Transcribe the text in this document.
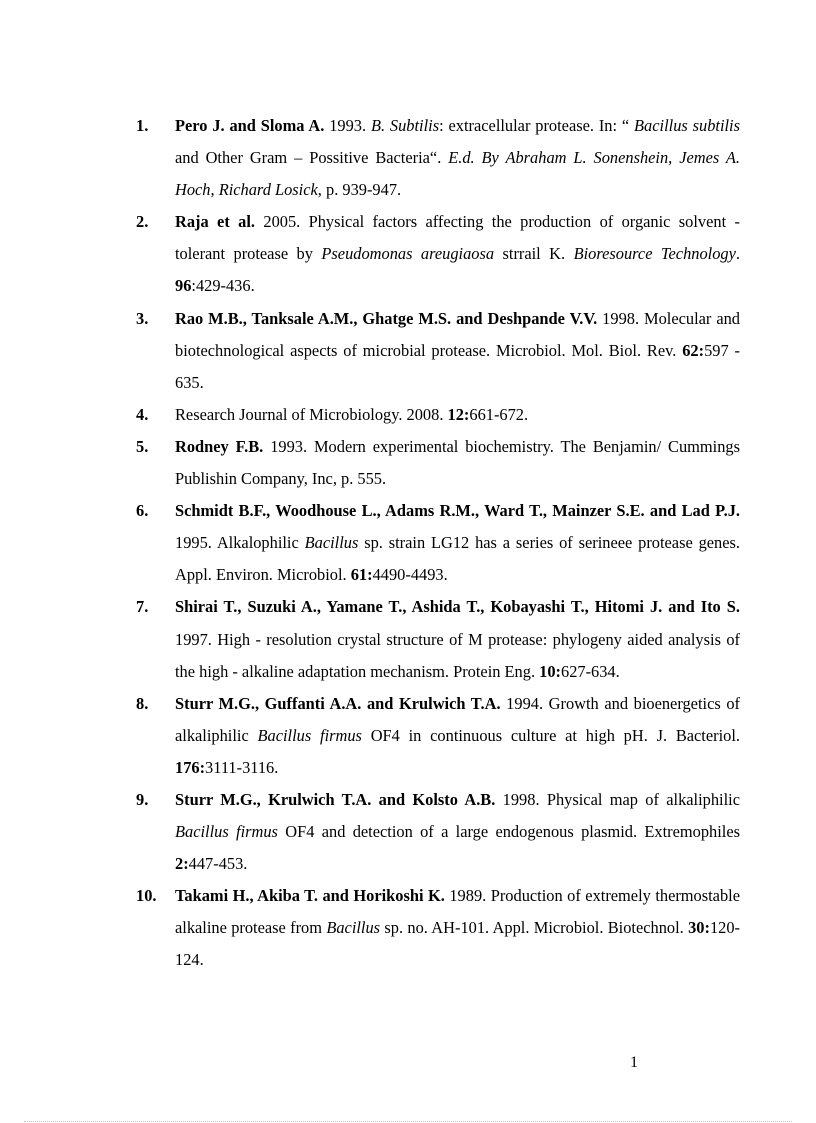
1. Pero J. and Sloma A. 1993. B. Subtilis: extracellular protease. In: “ Bacillus subtilis and Other Gram – Possitive Bacteria“. E.d. By Abraham L. Sonenshein, Jemes A. Hoch, Richard Losick, p. 939-947.
2. Raja et al. 2005. Physical factors affecting the production of organic solvent - tolerant protease by Pseudomonas areugiaosa strrail K. Bioresource Technology. 96:429-436.
3. Rao M.B., Tanksale A.M., Ghatge M.S. and Deshpande V.V. 1998. Molecular and biotechnological aspects of microbial protease. Microbiol. Mol. Biol. Rev. 62:597 - 635.
4. Research Journal of Microbiology. 2008. 12:661-672.
5. Rodney F.B. 1993. Modern experimental biochemistry. The Benjamin/ Cummings Publishin Company, Inc, p. 555.
6. Schmidt B.F., Woodhouse L., Adams R.M., Ward T., Mainzer S.E. and Lad P.J. 1995. Alkalophilic Bacillus sp. strain LG12 has a series of serineee protease genes. Appl. Environ. Microbiol. 61:4490-4493.
7. Shirai T., Suzuki A., Yamane T., Ashida T., Kobayashi T., Hitomi J. and Ito S. 1997. High - resolution crystal structure of M protease: phylogeny aided analysis of the high - alkaline adaptation mechanism. Protein Eng. 10:627-634.
8. Sturr M.G., Guffanti A.A. and Krulwich T.A. 1994. Growth and bioenergetics of alkaliphilic Bacillus firmus OF4 in continuous culture at high pH. J. Bacteriol. 176:3111-3116.
9. Sturr M.G., Krulwich T.A. and Kolsto A.B. 1998. Physical map of alkaliphilic Bacillus firmus OF4 and detection of a large endogenous plasmid. Extremophiles 2:447-453.
10. Takami H., Akiba T. and Horikoshi K. 1989. Production of extremely thermostable alkaline protease from Bacillus sp. no. AH-101. Appl. Microbiol. Biotechnol. 30:120-124.
1
